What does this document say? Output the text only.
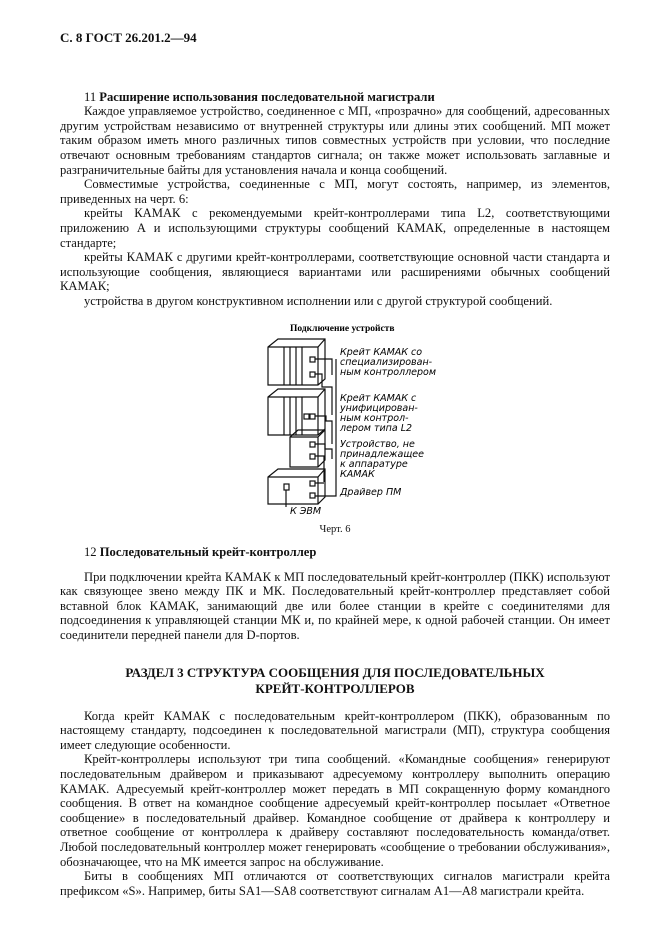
С. 8 ГОСТ 26.201.2—94

11 Расширение использования последовательной магистрали

Каждое управляемое устройство, соединенное с МП, «прозрачно» для сообщений, адресованных другим устройствам независимо от внутренней структуры или длины этих сообщений. МП может таким образом иметь много различных типов совместных устройств при условии, что последние отвечают основным требованиям стандартов сигнала; он также может использовать заглавные и разграничительные байты для установления начала и конца сообщений.

Совместимые устройства, соединенные с МП, могут состоять, например, из элементов, приведенных на черт. 6:

крейты КАМАК с рекомендуемыми крейт-контроллерами типа L2, соответствующими приложению А и использующими структуры сообщений КАМАК, определенные в настоящем стандарте;

крейты КАМАК с другими крейт-контроллерами, соответствующие основной части стандарта и использующие сообщения, являющиеся вариантами или расширениями обычных сообщений КАМАК;

устройства в другом конструктивном исполнении или с другой структурой сообщений.

Подключение устройств
Крейт КАМАК со специализирован-ным контроллером
Крейт КАМАК с унифицирован-ным контрол-лером типа L2
Устройство, не принадлежащее к аппаратуре КАМАК
Драйвер ПМ
К ЭВМ
Черт. 6

12 Последовательный крейт-контроллер

При подключении крейта КАМАК к МП последовательный крейт-контроллер (ПКК) используют как связующее звено между ПК и МК. Последовательный крейт-контроллер представляет собой вставной блок КАМАК, занимающий две или более станции в крейте с соединителями для подсоединения к управляющей станции МК и, по крайней мере, к одной рабочей станции. Он имеет соединители передней панели для D-портов.

РАЗДЕЛ 3 СТРУКТУРА СООБЩЕНИЯ ДЛЯ ПОСЛЕДОВАТЕЛЬНЫХ
КРЕЙТ-КОНТРОЛЛЕРОВ

Когда крейт КАМАК с последовательным крейт-контроллером (ПКК), образованным по настоящему стандарту, подсоединен к последовательной магистрали (МП), структура сообщения имеет следующие особенности.

Крейт-контроллеры используют три типа сообщений. «Командные сообщения» генерируют последовательным драйвером и приказывают адресуемому контроллеру выполнить операцию КАМАК. Адресуемый крейт-контроллер может передать в МП сокращенную форму командного сообщения. В ответ на командное сообщение адресуемый крейт-контроллер посылает «Ответное сообщение» в последовательный драйвер. Командное сообщение от драйвера к контроллеру и ответное сообщение от контроллера к драйверу составляют последовательность команда/ответ. Любой последовательный контроллер может генерировать «сообщение о требовании обслуживания», обозначающее, что на МК имеется запрос на обслуживание.

Биты в сообщениях МП отличаются от соответствующих сигналов магистрали крейта префиксом «S». Например, биты SA1—SA8 соответствуют сигналам A1—A8 магистрали крейта.
